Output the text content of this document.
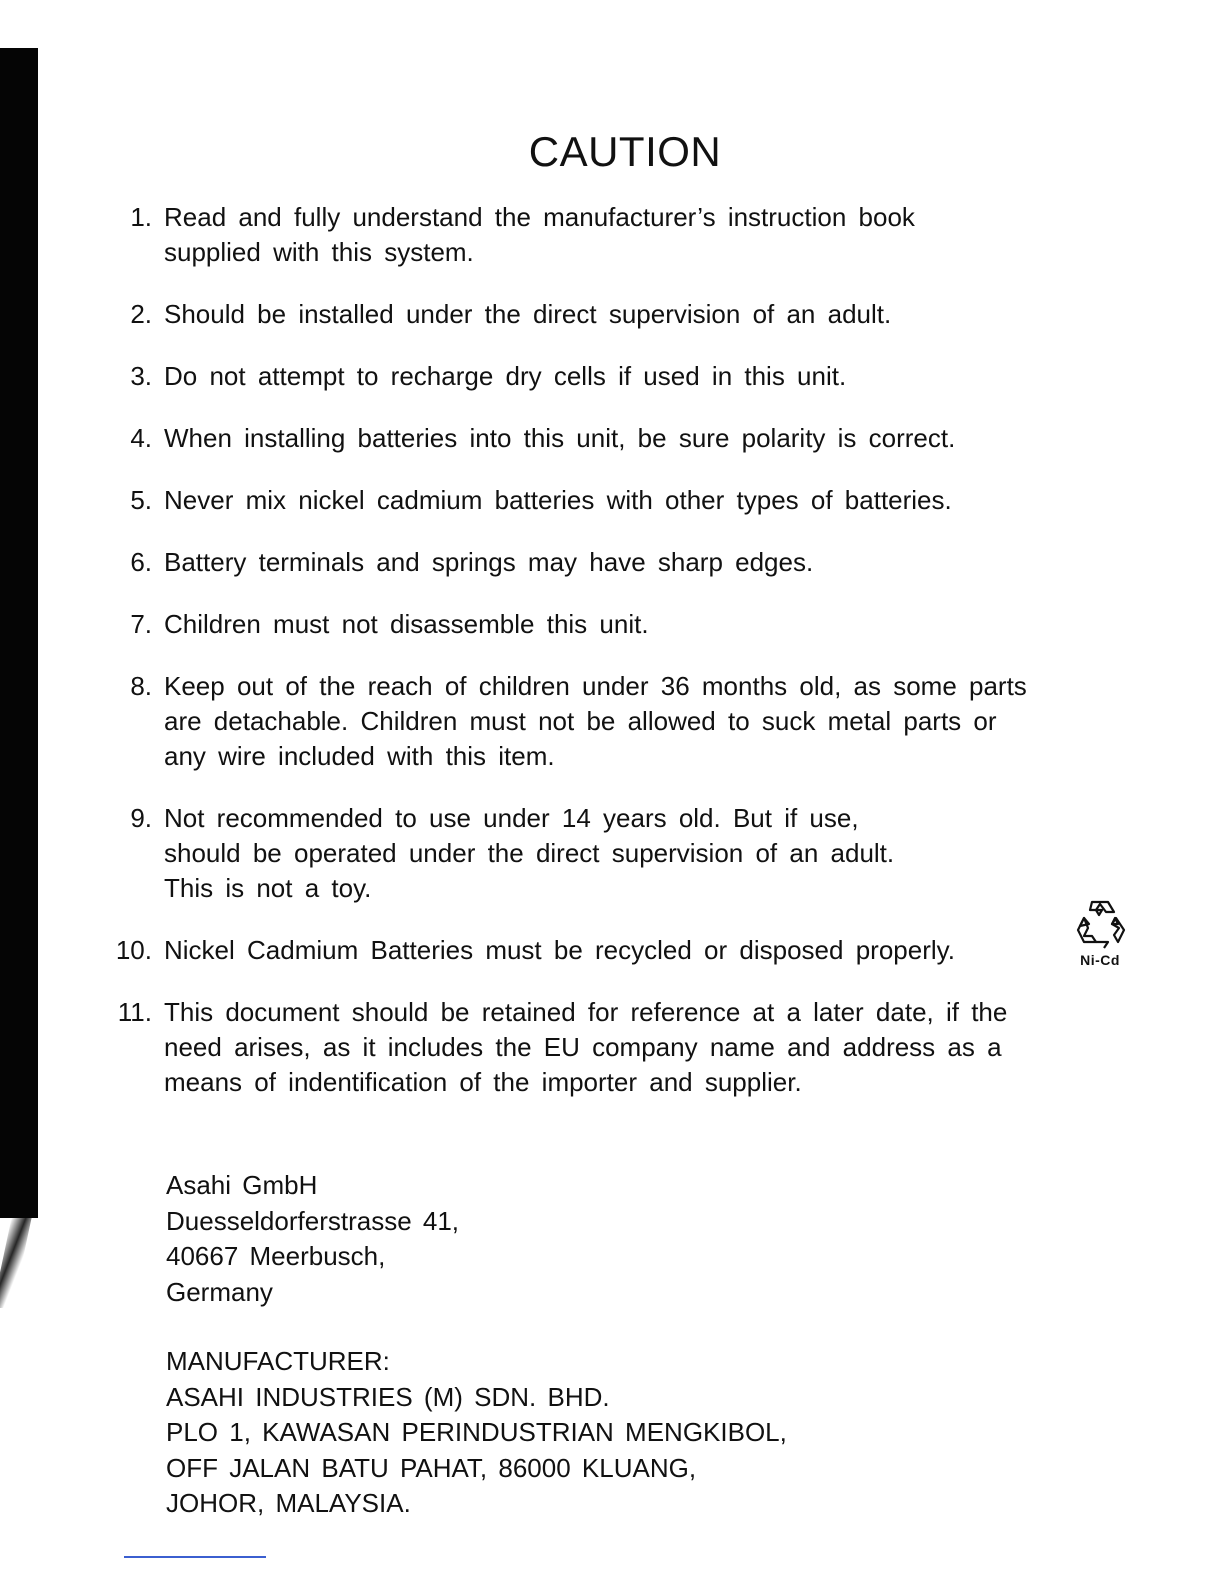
CAUTION
1. Read and fully understand the manufacturer’s instruction book
supplied with this system.
2. Should be installed under the direct supervision of an adult.
3. Do not attempt to recharge dry cells if used in this unit.
4. When installing batteries into this unit, be sure polarity is correct.
5. Never mix nickel cadmium batteries with other types of batteries.
6. Battery terminals and springs may have sharp edges.
7. Children must not disassemble this unit.
8. Keep out of the reach of children under 36 months old, as some parts
are detachable. Children must not be allowed to suck metal parts or
any wire included with this item.
9. Not recommended to use under 14 years old. But if use,
should be operated under the direct supervision of an adult.
This is not a toy.
10. Nickel Cadmium Batteries must be recycled or disposed properly.
11. This document should be retained for reference at a later date, if the
need arises, as it includes the EU company name and address as a
means of indentification of the importer and supplier.
Ni-Cd
Asahi GmbH
Duesseldorferstrasse 41,
40667 Meerbusch,
Germany
MANUFACTURER:
ASAHI INDUSTRIES (M) SDN. BHD.
PLO 1, KAWASAN PERINDUSTRIAN MENGKIBOL,
OFF JALAN BATU PAHAT, 86000 KLUANG,
JOHOR, MALAYSIA.
